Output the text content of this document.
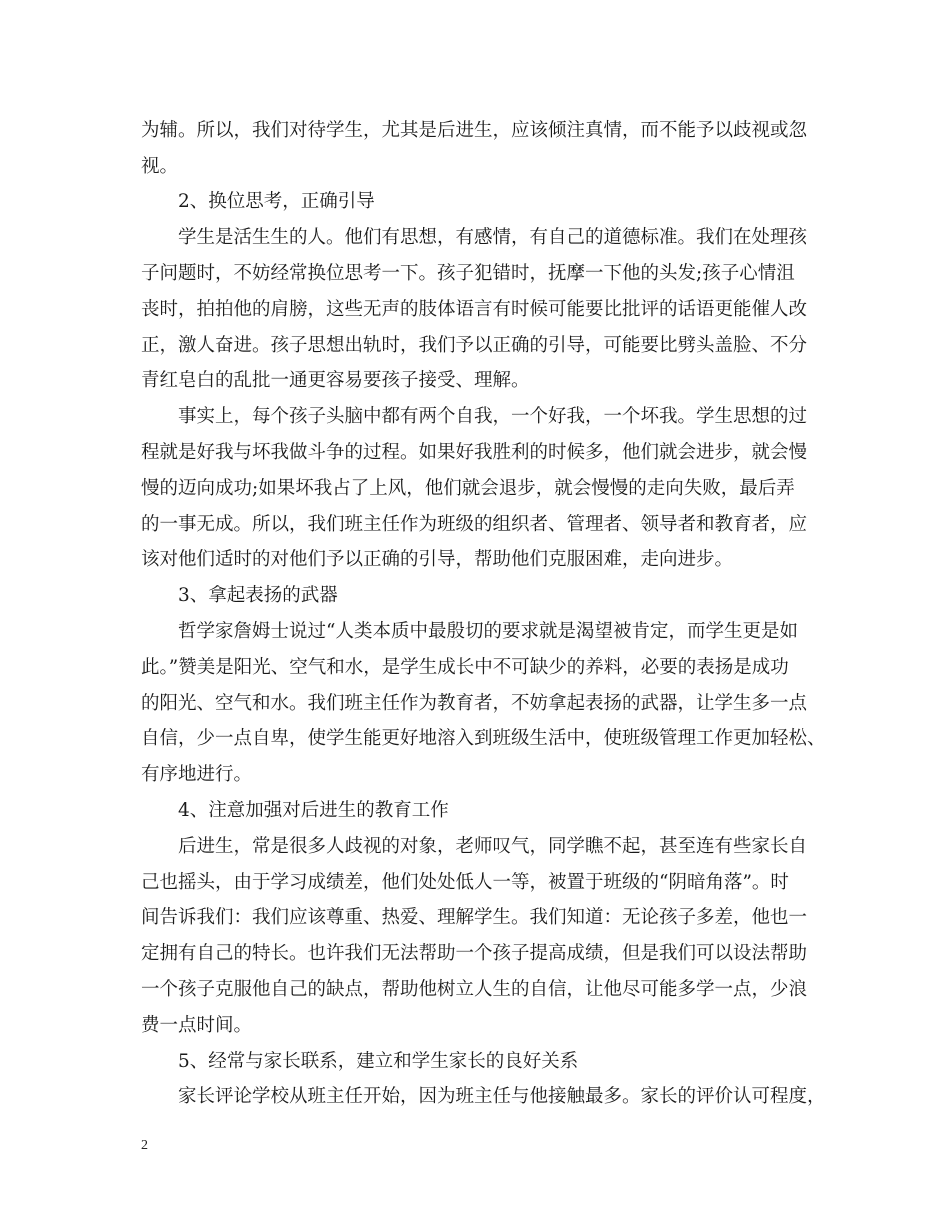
为辅。所以，我们对待学生，尤其是后进生，应该倾注真情，而不能予以歧视或忽
视。
2、换位思考，正确引导
学生是活生生的人。他们有思想，有感情，有自己的道德标准。我们在处理孩
子问题时，不妨经常换位思考一下。孩子犯错时，抚摩一下他的头发;孩子心情沮
丧时，拍拍他的肩膀，这些无声的肢体语言有时候可能要比批评的话语更能催人改
正，激人奋进。孩子思想出轨时，我们予以正确的引导，可能要比劈头盖脸、不分
青红皂白的乱批一通更容易要孩子接受、理解。
事实上，每个孩子头脑中都有两个自我，一个好我，一个坏我。学生思想的过
程就是好我与坏我做斗争的过程。如果好我胜利的时候多，他们就会进步，就会慢
慢的迈向成功;如果坏我占了上风，他们就会退步，就会慢慢的走向失败，最后弄
的一事无成。所以，我们班主任作为班级的组织者、管理者、领导者和教育者，应
该对他们适时的对他们予以正确的引导，帮助他们克服困难，走向进步。
3、拿起表扬的武器
哲学家詹姆士说过“人类本质中最殷切的要求就是渴望被肯定，而学生更是如
此。”赞美是阳光、空气和水，是学生成长中不可缺少的养料，必要的表扬是成功
的阳光、空气和水。我们班主任作为教育者，不妨拿起表扬的武器，让学生多一点
自信，少一点自卑，使学生能更好地溶入到班级生活中，使班级管理工作更加轻松、
有序地进行。
4、注意加强对后进生的教育工作
后进生，常是很多人歧视的对象，老师叹气，同学瞧不起，甚至连有些家长自
己也摇头，由于学习成绩差，他们处处低人一等，被置于班级的“阴暗角落”。时
间告诉我们：我们应该尊重、热爱、理解学生。我们知道：无论孩子多差，他也一
定拥有自己的特长。也许我们无法帮助一个孩子提高成绩，但是我们可以设法帮助
一个孩子克服他自己的缺点，帮助他树立人生的自信，让他尽可能多学一点，少浪
费一点时间。
5、经常与家长联系，建立和学生家长的良好关系
家长评论学校从班主任开始，因为班主任与他接触最多。家长的评价认可程度，
2
